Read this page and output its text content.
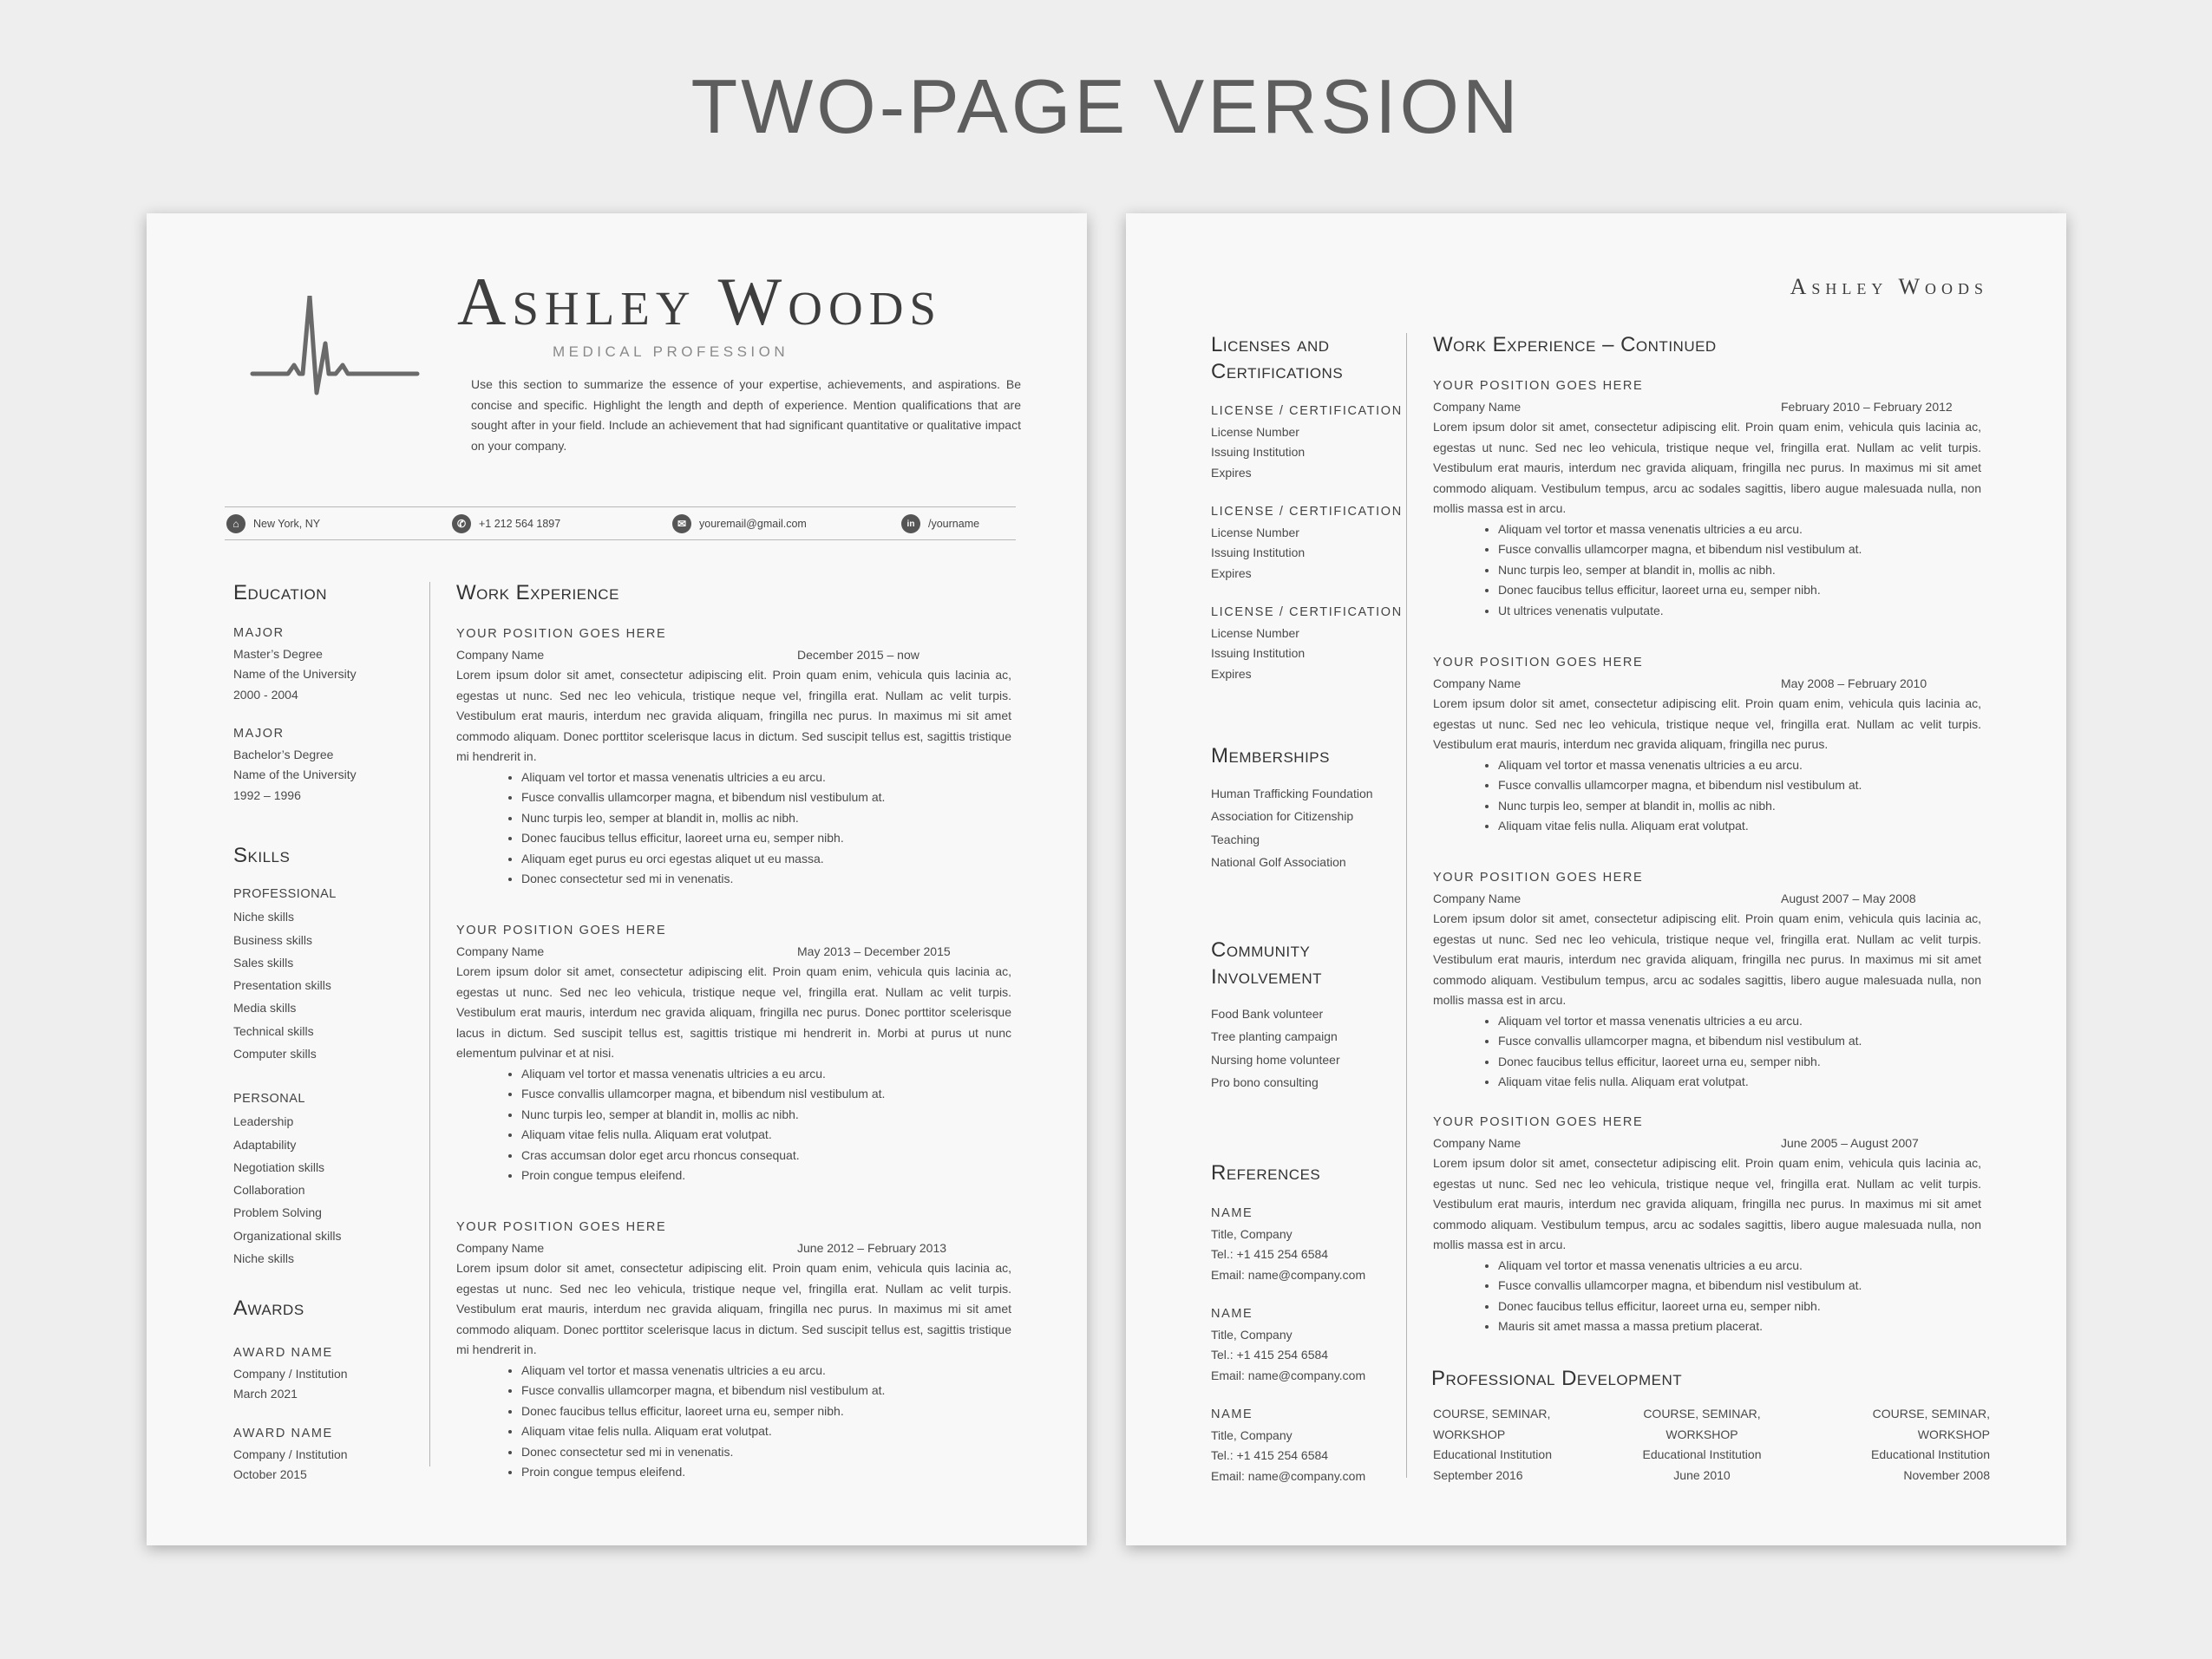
TWO-PAGE VERSION
Ashley Woods
MEDICAL PROFESSION
Use this section to summarize the essence of your expertise, achievements, and aspirations. Be concise and specific. Highlight the length and depth of experience. Mention qualifications that are sought after in your field. Include an achievement that had significant quantitative or qualitative impact on your company.
⌂	New York, NY	✆	+1 212 564 1897	✉	youremail@gmail.com	in	/yourname
Education
MAJOR
Master’s Degree
Name of the University
2000 - 2004
MAJOR
Bachelor’s Degree
Name of the University
1992 – 1996
Skills
PROFESSIONAL
Niche skills
Business skills
Sales skills
Presentation skills
Media skills
Technical skills
Computer skills
PERSONAL
Leadership
Adaptability
Negotiation skills
Collaboration
Problem Solving
Organizational skills
Niche skills
Awards
AWARD NAME
Company / Institution
March 2021
AWARD NAME
Company / Institution
October 2015
Work Experience
YOUR POSITION GOES HERE
Company Name	December 2015 – now
Lorem ipsum dolor sit amet, consectetur adipiscing elit. Proin quam enim, vehicula quis lacinia ac, egestas ut nunc. Sed nec leo vehicula, tristique neque vel, fringilla erat. Nullam ac velit turpis. Vestibulum erat mauris, interdum nec gravida aliquam, fringilla nec purus. In maximus mi sit amet commodo aliquam. Donec porttitor scelerisque lacus in dictum. Sed suscipit tellus est, sagittis tristique mi hendrerit in.
• Aliquam vel tortor et massa venenatis ultricies a eu arcu.
• Fusce convallis ullamcorper magna, et bibendum nisl vestibulum at.
• Nunc turpis leo, semper at blandit in, mollis ac nibh.
• Donec faucibus tellus efficitur, laoreet urna eu, semper nibh.
• Aliquam eget purus eu orci egestas aliquet ut eu massa.
• Donec consectetur sed mi in venenatis.
YOUR POSITION GOES HERE
Company Name	May 2013 – December 2015
Lorem ipsum dolor sit amet, consectetur adipiscing elit. Proin quam enim, vehicula quis lacinia ac, egestas ut nunc. Sed nec leo vehicula, tristique neque vel, fringilla erat. Nullam ac velit turpis. Vestibulum erat mauris, interdum nec gravida aliquam, fringilla nec purus. Donec porttitor scelerisque lacus in dictum. Sed suscipit tellus est, sagittis tristique mi hendrerit in. Morbi at purus ut nunc elementum pulvinar et at nisi.
• Aliquam vel tortor et massa venenatis ultricies a eu arcu.
• Fusce convallis ullamcorper magna, et bibendum nisl vestibulum at.
• Nunc turpis leo, semper at blandit in, mollis ac nibh.
• Aliquam vitae felis nulla. Aliquam erat volutpat.
• Cras accumsan dolor eget arcu rhoncus consequat.
• Proin congue tempus eleifend.
YOUR POSITION GOES HERE
Company Name	June 2012 – February 2013
Lorem ipsum dolor sit amet, consectetur adipiscing elit. Proin quam enim, vehicula quis lacinia ac, egestas ut nunc. Sed nec leo vehicula, tristique neque vel, fringilla erat. Nullam ac velit turpis. Vestibulum erat mauris, interdum nec gravida aliquam, fringilla nec purus. In maximus mi sit amet commodo aliquam. Donec porttitor scelerisque lacus in dictum. Sed suscipit tellus est, sagittis tristique mi hendrerit in.
• Aliquam vel tortor et massa venenatis ultricies a eu arcu.
• Fusce convallis ullamcorper magna, et bibendum nisl vestibulum at.
• Donec faucibus tellus efficitur, laoreet urna eu, semper nibh.
• Aliquam vitae felis nulla. Aliquam erat volutpat.
• Donec consectetur sed mi in venenatis.
• Proin congue tempus eleifend.
Ashley Woods
Licenses and Certifications
LICENSE / CERTIFICATION
License Number
Issuing Institution
Expires
LICENSE / CERTIFICATION
License Number
Issuing Institution
Expires
LICENSE / CERTIFICATION
License Number
Issuing Institution
Expires
Memberships
Human Trafficking Foundation
Association for Citizenship
Teaching
National Golf Association
Community Involvement
Food Bank volunteer
Tree planting campaign
Nursing home volunteer
Pro bono consulting
References
NAME
Title, Company
Tel.: +1 415 254 6584
Email: name@company.com
NAME
Title, Company
Tel.: +1 415 254 6584
Email: name@company.com
NAME
Title, Company
Tel.: +1 415 254 6584
Email: name@company.com
Work Experience – Continued
YOUR POSITION GOES HERE
Company Name	February 2010 – February 2012
Lorem ipsum dolor sit amet, consectetur adipiscing elit. Proin quam enim, vehicula quis lacinia ac, egestas ut nunc. Sed nec leo vehicula, tristique neque vel, fringilla erat. Nullam ac velit turpis. Vestibulum erat mauris, interdum nec gravida aliquam, fringilla nec purus. In maximus mi sit amet commodo aliquam. Vestibulum tempus, arcu ac sodales sagittis, libero augue malesuada nulla, non mollis massa est in arcu.
• Aliquam vel tortor et massa venenatis ultricies a eu arcu.
• Fusce convallis ullamcorper magna, et bibendum nisl vestibulum at.
• Nunc turpis leo, semper at blandit in, mollis ac nibh.
• Donec faucibus tellus efficitur, laoreet urna eu, semper nibh.
• Ut ultrices venenatis vulputate.
YOUR POSITION GOES HERE
Company Name	May 2008 – February 2010
Lorem ipsum dolor sit amet, consectetur adipiscing elit. Proin quam enim, vehicula quis lacinia ac, egestas ut nunc. Sed nec leo vehicula, tristique neque vel, fringilla erat. Nullam ac velit turpis. Vestibulum erat mauris, interdum nec gravida aliquam, fringilla nec purus.
• Aliquam vel tortor et massa venenatis ultricies a eu arcu.
• Fusce convallis ullamcorper magna, et bibendum nisl vestibulum at.
• Nunc turpis leo, semper at blandit in, mollis ac nibh.
• Aliquam vitae felis nulla. Aliquam erat volutpat.
YOUR POSITION GOES HERE
Company Name	August 2007 – May 2008
Lorem ipsum dolor sit amet, consectetur adipiscing elit. Proin quam enim, vehicula quis lacinia ac, egestas ut nunc. Sed nec leo vehicula, tristique neque vel, fringilla erat. Nullam ac velit turpis. Vestibulum erat mauris, interdum nec gravida aliquam, fringilla nec purus. In maximus mi sit amet commodo aliquam. Vestibulum tempus, arcu ac sodales sagittis, libero augue malesuada nulla, non mollis massa est in arcu.
• Aliquam vel tortor et massa venenatis ultricies a eu arcu.
• Fusce convallis ullamcorper magna, et bibendum nisl vestibulum at.
• Donec faucibus tellus efficitur, laoreet urna eu, semper nibh.
• Aliquam vitae felis nulla. Aliquam erat volutpat.
YOUR POSITION GOES HERE
Company Name	June 2005 – August 2007
Lorem ipsum dolor sit amet, consectetur adipiscing elit. Proin quam enim, vehicula quis lacinia ac, egestas ut nunc. Sed nec leo vehicula, tristique neque vel, fringilla erat. Nullam ac velit turpis. Vestibulum erat mauris, interdum nec gravida aliquam, fringilla nec purus. In maximus mi sit amet commodo aliquam. Vestibulum tempus, arcu ac sodales sagittis, libero augue malesuada nulla, non mollis massa est in arcu.
• Aliquam vel tortor et massa venenatis ultricies a eu arcu.
• Fusce convallis ullamcorper magna, et bibendum nisl vestibulum at.
• Donec faucibus tellus efficitur, laoreet urna eu, semper nibh.
• Mauris sit amet massa a massa pretium placerat.
Professional Development
COURSE, SEMINAR, WORKSHOP
Educational Institution
September 2016
COURSE, SEMINAR, WORKSHOP
Educational Institution
June 2010
COURSE, SEMINAR, WORKSHOP
Educational Institution
November 2008
